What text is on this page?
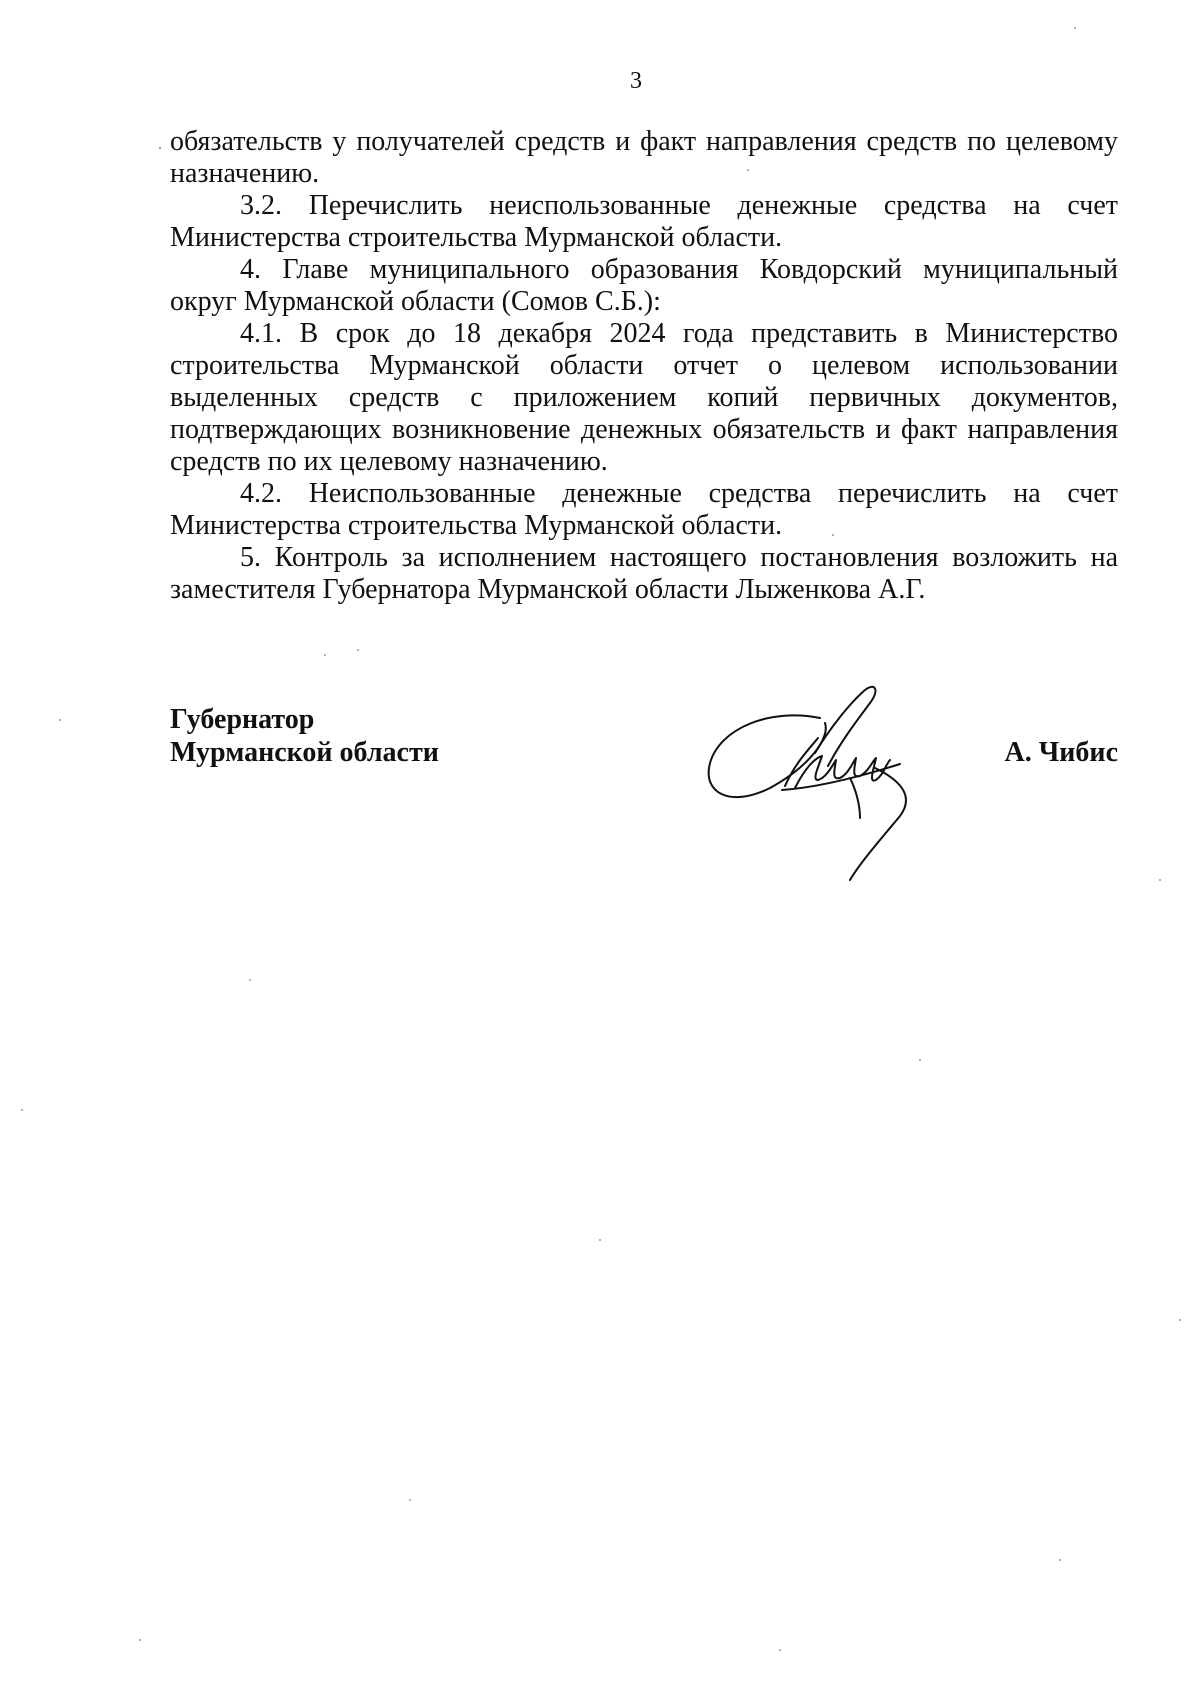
3

обязательств у получателей средств и факт направления средств по целевому назначению.

3.2. Перечислить неиспользованные денежные средства на счет Министерства строительства Мурманской области.

4. Главе муниципального образования Ковдорский муниципальный округ Мурманской области (Сомов С.Б.):

4.1. В срок до 18 декабря 2024 года представить в Министерство строительства Мурманской области отчет о целевом использовании выделенных средств с приложением копий первичных документов, подтверждающих возникновение денежных обязательств и факт направления средств по их целевому назначению.

4.2. Неиспользованные денежные средства перечислить на счет Министерства строительства Мурманской области.

5. Контроль за исполнением настоящего постановления возложить на заместителя Губернатора Мурманской области Лыженкова А.Г.

Губернатор
Мурманской области	А. Чибис
